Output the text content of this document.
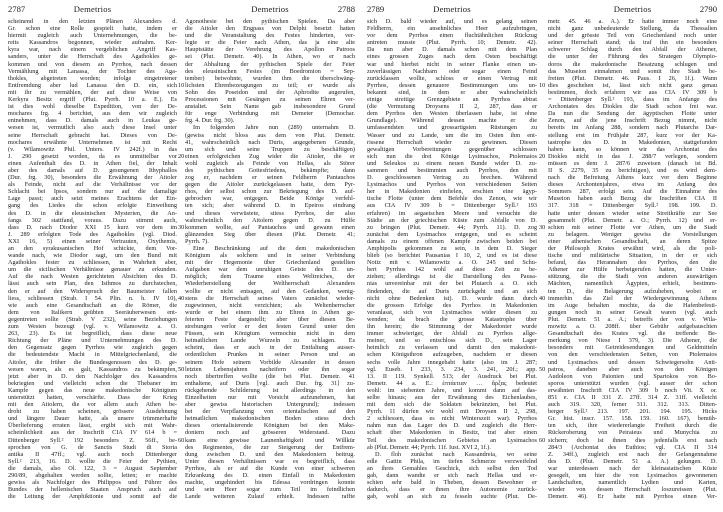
2787	Demetrios
scheinend in den letzten Plänen Alexanders d.
Gr. schon eine Rolle gespielt hatte, indem er
hiermit zugleich auch Unternehmungen, die be-
reits Kassandros begonnen, wieder aufnahm. Ker-
kyra war, nach einem vergeblichen Angriff Kas-
sanders, unter die Herrschaft des Agathokles ge-
kommen und von diesem an Pyrrhos, nach dessen
Vermählung mit Lanassa, der Tochter des Aga-
thokles, abgetreten worden; infolge eingetretener
Entfremdung aber lud Lanassa den D. ein, sich
mit ihr zu vermählen, der auf diese Weise von
Kerkyra Besitz ergriff (Plut. Pyrrh. 10 a. E.). Es
ist dies wohl dieselbe Expedition, von der De-
mochares frg. 4 berichtet, aus dem wir zugleich
entnehmen, dass D. damals auch in Leukas ge-
wesen ist, vermutlich also auch diese Insel unter
seine Herrschaft gebracht hat. Dieses von De-
mochares erwähnte Unternehmen ist mit Recht
(v. Wilamowitz Phil. Unters. IV 242f.) in das
J. 290 gesetzt worden, da es unmittelbar vor
einen Aufenthalt des D. in Athen fiel, der Inhalt
aber des damals auf D. gesungenen Ithyphallos
(Dur. frg. 30), besonders die Erwähnung der Aitoler
als Feinde, nicht auf die Verhältnisse vor der
Schlacht bei Ipsos, sondern nur auf die damalige
Lage passt; auch setzt meines Erachtens der Ein-
gang des Liedes die schon erfolgte Einweihung
des D. in die eleusinischen Mysterien, die An-
fangs 302 stattfand, voraus. Dazu stimmt auch,
dass D. nach Diodor XXI 15 kurz vor dem im
J. 289 erfolgten Tode des Agathokles (vgl. Diod.
XXI 16, 5) einen seiner Vertrauten, Oxythemis,
an den syrakusanischen Hof schickte, dem Vor-
wande nach, wie Diodor sagt, um den Bund mit
Agathokles fester zu schliessen, in Wahrheit aber,
um die sicilischen Verhältnisse genauer zu erkunden.
Auf die nach Westen gerichteten Absichten des D.
lässt auch sein Plan, den Isthmos zu durchstechen,
den er auf den Widerspruch der Baumeister fallen
liess, schliessen (Strab. I 54. Plin. n. h. IV 10),
wie auch eine Gesandtschaft an die Römer, die
dem von Italikern geübten Seeräuberwesen ent-
gegentreten sollte (Strab. V 232), seine Beziehungen
zum Westen bezeugt (vgl. v. Wilamowitz a. O.
263, 23). Es ist begreiflich, dass diese neue
Richtung der Pläne und Unternehmungen des D.
den Gegensatz gegen Pyrrhos wie zugleich gegen
die bedeutendste Macht in Mittelgriechenland, die
Aitoler, die früher die Bundesgenossen des D. ge-
wesen waren, als es galt, Kassandros zu bekämpfen,
jetzt aber in D. den Nachfolger des Kassandros
bekriegten und vielleicht schon die Thebaner im
Kampfe gegen das neue makedonische Königtum
unterstützt hatten, verschärfte. Dass der Krieg
mit den Aitolern, die vor allem auch Athen be-
droht zu haben scheinen, grössere Ausdehnung
und längere Dauer hatte, als unsere trümmerhafte
Überlieferung erraten lässt, ergibt sich mit Wahr-
scheinlichkeit aus der Inschrift CIA IV 614 b =
Dittenberger Syll.² 192 besonders Z. 56ff., be-
sprochen von G. de Sanctis Studi di Storia
antika II 47ff.; vgl. auch noch Dittenberger
Syll.² 213, 16. D. wollte die Feier der Pythien,
die damals, also Ol. 122, 3 = August September
290/89, abgehalten werden sollte, leiten; er machte
gewiss als Nachfolger des Philippos und Führer des
Bundes der hellenischen Staaten Anspruch auch auf
die Leitung der Amphiktionie und somit auf die
2788
Demetrios
Agonothesie bei den pythischen Spielen. Da aber
die Aitoler den Engpass von Delphi besetzt hatten
und die Veranstaltung des Festes hinderten, ver-
legte er die Feier nach Athen, das ja eine alte
Hauptstätte der Verehrung des Apollon Patroos
sei (Plut. Demetr. 40). In Athen, wo er nach
der Abhaltung der pythischen Spiele der Feier
des eleusinischen Festes (im Boedromion = Sep-
tember) beiwohnte, wurden ihm die überschwäng-
lichsten Ehrenbezeugungen zu teil; er wurde als
Sohn des Poseidon und der Aphrodite angerufen,
Processionen mit Gesängen zu seinen Ehren ver-
anstaltet. Sein Name gab insbesondere Grund
für enge Verbindung mit Demeter (Demochar.
frg. 4. Dur. frg. 30).
Im folgenden Jahre nun (289) unternahm D.
(gewiss nicht bloss aus dem von Plut. Demetr.
41, wahrscheinlich nach Duris, angegebenen Grunde,
um sich und seine Truppen zu beschäftigen)
einen erfolgreichen Zug wider die Aitoler, die er
wohl zugleich als Feinde von Hellas, als Störer
des pythischen Gottesfriedens, bekämpfte; dann
zog er, nachdem er seinen Feldherrn Pantauchos
gegen die Aitoler zurückgelassen hatte, dem Pyr-
rhos, der selbst schon zur Bekriegung des D. auf-
gebrochen war, entgegen. Beide Könige verfehl-
ten sich; aber während D. in Epeiros eindrang
und dieses verwüstete, stiess Pyrrhos, der also
wahrscheinlich den Aitolern gegen D. zu Hülfe
kommen wollte, auf Pantauchos und gewann einen
glänzenden Sieg über diesen (Plut. Demetr. 41;
Pyrrh. 7).
Eine Beschränkung auf die dem makedonischen
Königtum als solchem und in seiner Verbindung
mit der Hegemonie über Griechenland gestellten
Aufgaben war dem unruhigen Geiste des D. un-
möglich; dem Traume eines Weltreiches, der
Wiederherstellung der Weltherrschaft Alexanders
wollte er nicht entsagen, auf den Gedanken, wenig-
stens die Herrschaft seines Vaters zunächst wieder-
zugewinnen, nicht verzichten; als Weltenherrscher
wurde er bei einem ihm zu Ehren in Athen ge-
feierten Feste dargestellt; aber über diesen Be-
strebungen verlor er den festen Grund unter den
Füssen, sein Königtum vermochte nicht in dem
heimatlichen Lande Wurzeln zu schlagen. Es
scheint, dass er auch in der Entfaltung ausser-
ordentlichen Prunkes in seiner Person und an
seinem Hofe seinem Vorbilde Alexander in dessen
letzten Lebensjahren nacheifern oder ihn sogar
noch übertreffen wollte (die bei Plut. Demetr. 41
enthaltene, auf Duris [vgl. auch Dur. frg. 31] zu-
rückgehende Schilderung ist allerdings in den
Einzelheiten nur mit Vorsicht aufzunehmen, hat
aber gewiss historischen Untergrund); indessen
bei der Verpflanzung von orientalischen auf den
heimatlichen makedonischen Boden stiess doch
dieses orientalisierende Königtum bei den Make-
doniern noch auf grösseren Widerstand. Dazu
kam eine gewisse Launenhaftigkeit und Willkür
des Regimentes, die zur Steigerung der Entfrem-
dung zwischen D. und den Makedoniern beitrug.
Unter diesen Verhältnissen war es begreiflich, dass
Pyrrhos, als er auf die Kunde von einer schweren
Erkrankung des D. einen Einfall in Makedonien
machte, ungehindert bis Edessa vordringen konnte
und sein Heer sogar zum Teil im feindlichen
Lande weiteren Zulauf erhielt. Indessen raffte
2789	Demetrios
sich D. bald wieder auf, und es gelang seinen
Feldherrn, ein ansehnliches Heer aufzubringen,
vor dem Pyrrhos einen fluchtähnlichen Rückzug
antreten musste (Plut. Pyrrh. 10; Demetr. 42).
Da nun aber D. damals schon mit dem Plan
eines grossen Zuges nach dem Osten beschäftigt
war und hierbei nicht in seiner Flanke einen un-
zuverlässigen Nachbarn oder sogar einen Feind
zurücklassen wollte, schloss er einen Vertrag mit
Pyrrhos, dessen genauere Bestimmungen uns un-
bekannt sind, in dem er aber wahrscheinlich
einige streitige Grenzgebiete an Pyrrhos abtrat
(die Vermutung Droysens II 2, 287, dass er
dem Pyrrhos den Westen überlassen habe, ist ohne
Grundlage). Während dessen machte er die
umfassendsten und grossartigsten Rüstungen zu
Wasser und zu Lande, um die im Osten ihm ent-
rissene Herrschaft wieder zu gewinnen. Diesen
gewaltigen Vorbereitungen gegenüber schlossen
sich nun die drei Könige Lysimachos, Ptolemaios
und Seleukos zu einem neuen Bunde wider D. zu-
sammen und bestimmten auch Pyrrhos, den mit
D. geschlossenen Vertrag zu brechen. Während
Lysimachos und Pyrrhos von verschiedenen Seiten
her in Makedonien einfielen, erschien eine ägyp-
tische Flotte (unter dem Befehle des Zenon, wie wir
aus CIA IV 309 b = Dittenberger Syll.² 193
erfahren) im aegaeischen Meere und versuchte die
Städte an der griechischen Küste zum Abfalle von D.
zu bringen (Plut. Demetr. 44; Pyrrh. 11). D. zog
zunächst dem Lysimachos entgegen, und es scheint
damals zu einem offenen Kampfe zwischen beiden bei
Amphipolis gekommen zu sein, in dem D. Sieger
blieb (so berichtet Pausanias I 10, 2, und es ist diese
Notiz mit v. Wilamowitz a. O. 245 und Schu-
bert Pyrrhos 142 wohl auf diese Zeit zu be-
ziehen; allerdings ist die Darstellung des Pausa-
nias unvereinbar mit der bei Plutarch a. O. sich
findenden, die auf Duris zurückgeht und an sich
nicht ohne Bedenken ist). D. wurde dann durch
die grossen Erfolge des Pyrrhos in Makedonien
veranlasst, sich von Lysimachos wider diesen zu
wenden; da brach die grosse Katastrophe über
ihn herein; die Stimmung der Makedonier wurde
immer schwieriger, der Abfall zu Pyrrhos allge-
meiner, und so entschloss sich D., sein Lager
heimlich zu verlassen und damit den makedoni-
schen Königsthron aufzugeben, nachdem er diesen
sechs volle Jahre innegehabt hatte (also im J. 287;
vgl. Euseb. I 233, 3. 234, 3. 241, 20f.; app.
13. II 119. Synkell. 513; der Ausdruck bei Plut.
Demetr. 44 a. E.: ἑπτάετιαν … ἄρξας bedeutet
wohl: im siebenten Jahre, und kommt dann auf das-
selbe hinaus; aus der Erwähnung des Eichenlaubes,
mit dem sich die Soldaten bekränzten, bei Plut.
Pyrrh. 11 dürfen wir wohl mit Droysen II 2, 298,
2 schliessen, dass es nicht Winterszeit war). Pyrrhos
nahm nun das Lager des D. und zugleich die Herr-
schaft über Makedonien in Besitz, trat aber einen
Teil des makedonischen Gebietes an Lysimachos
ab (Plut. Demetr. 44; Pyrrh. 11f. Iust. XVI 2, 1f.).
D. floh zunächst nach Kassandreia, wo seine
edle Gattin Phila, im tiefen Schmerze verzweifelnd
an ihres Gemahles Geschick, sich selbst den Tod
gab, dann wandte er sich nach Hellas und er-
schien sehr bald in Theben, dessen Bewohner er
dadurch, dass er ihnen ihre Autonomie zurück-
gab, wohl an sich zu fesseln suchte (Plut. De-
2790
Demetrios
metr. 45. 46 a. A.). Er hatte immer noch eine
nicht ganz unbedeutende Stellung, da Thessalien
und der grösste Teil von Griechenland noch unter
seiner Herrschaft stand; da traf ihn ein besonders
schwerer Schlag durch den Abfall der Athener,
die unter der Führung des Strategen Olympio-
doros die makedonische Besatzung schlugen und
das Museion einnahmen und somit ihre Stadt be-
freiten (Plut. Demetr. 46. Paus. I 26, 1f.). Wann
dies geschehen ist, lässt sich nicht ganz genau
bestimmen, doch erfahren wir aus CIA IV 309 b
= Dittenberger Syll.² 193, dass im Anfange des
Archontates des Diokles die Stadt schon frei war.
Da nun die Sendung der ägyptischen Flotte unter
Zenon, auf die jene Inschrift Bezug nimmt, nicht
bereits im Anfang 288, sondern nach Plutarchs Dar-
stellung erst im Frühjahr 287, kurz vor der Ka-
tastrophe des D. in Makedonien, stattgefunden
haben kann, so können wir das Archontat des
Diokles nicht in das J. 288/7 verlegen, sondern
müssen es dem J. 287/6 zuweisen (danach ist Bd.
II S. 2279, 35 zu berichtigen), und es wird dem-
nach die Befreiung Athens kurz vor dem Beginne
dieses Archontenjahres, etwa im Anfang des
Sommers 287, erfolgt sein. Auf die Einnahme des
Museion haben auch Bezug die Inschriften CIA II
317. 318 = Dittenberger Syll.² 198. 199. D.
hatte unter dessen wieder seine Streitkräfte zur See
gesammelt (Plut. Demetr. a. O.; Pyrrh. 12) und er-
schien mit seiner Flotte vor Athen, um die Stadt
zu belagern. Weniger gewiss die Vorstellungen
einer athenischen Gesandtschaft, an deren Spitze
der Philosoph Krates erwähnt wird, als die poli-
tische und militärische Situation, in der er sich
befand, das Herannahen des Pyrrhos, den die
Athener zur Hülfe herbeigerufen hatten, die Unter-
stützung, die die Stadt von anderen auswärtigen
Mächten, namentlich Ägypten, erhielt, bestimm-
ten D., die Belagerung aufzuheben, wobei er
immerhin das Ziel der Wiedergewinnung Athens
im Auge behalten mochte, da die Hafenbefesti-
gungen noch in seiner Gewalt waren (vgl. auch
Plut. Demetr. 51 a. A.; betreffs der von v. Wila-
mowitz a. O. 208ff. über Gebühr aufgebauschten
Gesandtschaft des Krates vgl. die treffende Be-
merkung von Niese I 379, 3). Die Athener, die
besonders mit Getreidesendungen und Geldmitteln
von den verschiedensten Seiten, von Ptolemaios
und Lysimachos und dessen Schwiegersohn Anti-
patros, daneben aber auch von den Königen
Audoleon von Paionien und Spartokos von Bo-
sporos unterstützt wurden (vgl. ausser der schon
erwähnten Inschrift CIA IV 309 b noch Vit. X or.
851 e. CIA II 331 Z. 27ff. 314 Z. 31ff. vielleicht
auch 319. 320, ferner 311. 312. 313. Ditten-
berger Syll.² 213. 197. 201. 194. 195. Hicks
Gr. hist. inscr. 157. 158. 159. 160. 167), bemüh-
ten sich, ihre wiedererlangte Freiheit durch die
Rückeroberung von Peiraieus und Munychia zu
sichern; doch ist ihnen dies jedenfalls erst nach
284/3 (Archontat des Euthios; vgl. CIA II 314
Z. 34ff.), zugleich erst nach der Gefangennahme
des D. (Plut. Demetr. 51 a. A.) gelungen. D.
war unterdessen nach der kleinasiatischen Küste
gesegelt, um hier die von Lysimachos gewonnenen
Landschaften, namentlich Lydien und Karien,
wieder von dessen Herrschaft loszureissen (Plut.
Demetr. 46). Er hatte mit Pyrrhos einen Ver-
10
20
30
40
50
60
10
20
30
40
50
60
